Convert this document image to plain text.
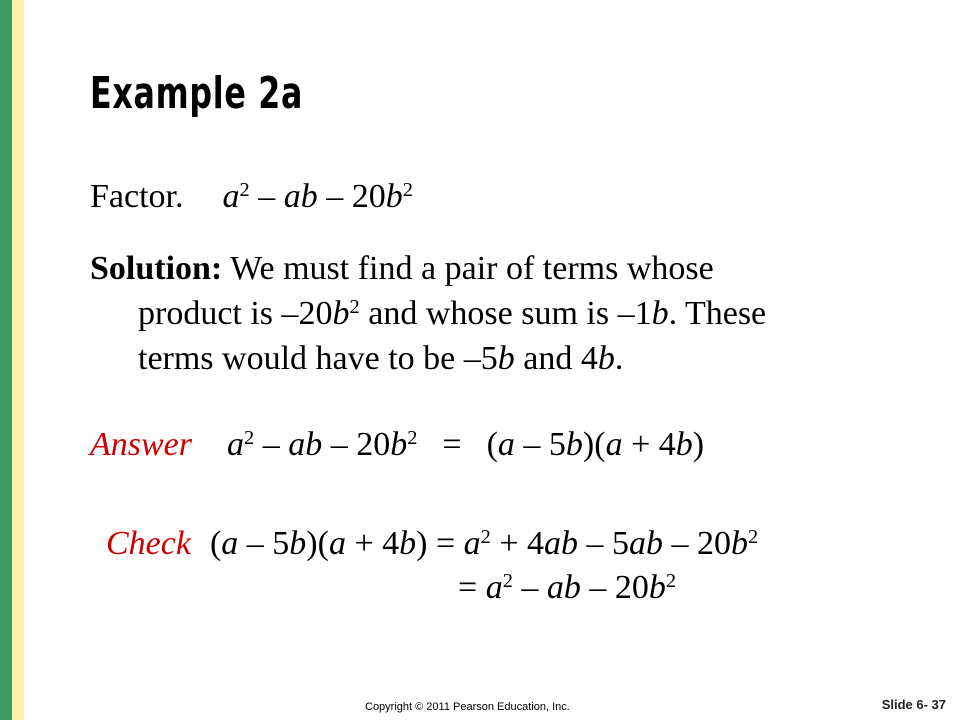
Example 2a
Factor. $a^2$ – ab – $20b^2$
Solution: We must find a pair of terms whose
product is $-20b^2$ and whose sum is –1b. These
terms would have to be –5b and 4b.
Answer $a^2$ – ab – $20b^2 = (a - 5b)(a + 4b)$
Check $(a - 5b)(a + 4b) = a^2 + 4ab - 5ab - 20b^2$
= $a^2$ – ab – $20b^2$
Copyright © 2011 Pearson Education, Inc.	Slide 6- 37
